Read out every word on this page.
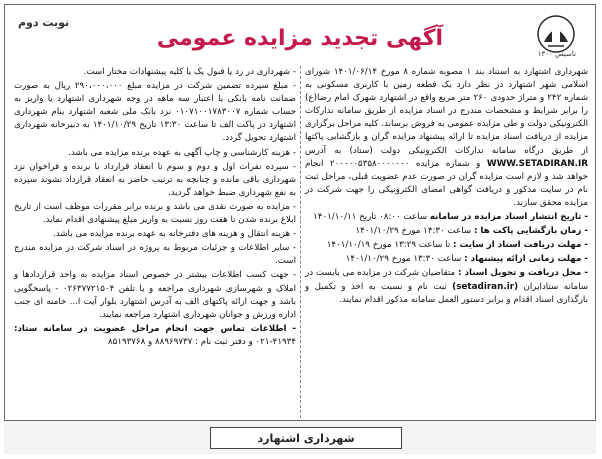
نوبت دوم
آگهی تجدید مزایده عمومی
تاسیس ۱۳۰۰

شهرداری اشتهارد به استناد بند ۱ مصوبه شماره ۸ مورخ ۱۴۰۱/۰۶/۱۴ شورای اسلامی شهر اشتهارد در نظر دارد یک قطعه زمین با کاربری مسکونی به شماره ۲۴۲ و متراژ حدودی ۲۶۰ متر مربع واقع در اشتهارد شهرک امام رضا(ع) را برابر شرایط و مشخصات مندرج در اسناد مزایده از طریق سامانه تدارکات الکترونیکی دولت و طی مزایده عمومی به فروش برساند. کلیه مراحل برگزاری مزایده از دریافت اسناد مزایده تا ارائه پیشنهاد مزایده گران و بازگشایی پاکتها از طریق درگاه سامانه تدارکات الکترونیکی دولت (ستاد) به آدرس WWW.SETADIRAN.IR و شماره مزایده ۲۰۰۰۰۰۵۳۵۸۰۰۰۰۰۰۰ انجام خواهد شد و لازم است مزایده گران در صورت عدم عضویت قبلی، مراحل ثبت نام در سایت مذکور و دریافت گواهی امضای الکترونیکی را جهت شرکت در مزایده محقق سازند.

- تاریخ انتشار اسناد مزایده در سامانه ساعت ۰۸:۰۰ تاریخ ۱۴۰۱/۱۰/۱۱

- زمان بازگشایی پاکت ها : ساعت ۱۴:۳۰ مورخ ۱۴۰۱/۱۰/۲۹

- مهلت دریافت اسناد از سایت : تا ساعت ۱۳:۲۹ مورخ ۱۴۰۱/۱۰/۱۹

- مهلت زمانی ارائه پیشنهاد : ساعت ۱۳:۳۰ مورخ ۱۴۰۱/۱۰/۲۹

- محل دریافت و تحویل اسناد : متقاضیان شرکت در مزایده می بایست در سامانه ستادایران (setadiran.ir) ثبت نام و نسبت به اخذ و تکمیل و بارگذاری اسناد اقدام و برابر دستور العمل سامانه مذکور اقدام نمایند.

- شهرداری در رد یا قبول یک یا کلیه پیشنهادات مختار است.

- مبلغ سپرده تضمین شرکت در مزایده مبلغ ۲۹۰،۰۰۰،۰۰۰ ریال به صورت ضمانت نامه بانکی یا اعتبار سه ماهه در وجه شهرداری اشتهارد یا واریز به حساب شماره ۰۱۰۷۱۰۰۱۷۸۳۰۰۷ نزد بانک ملی شعبه اشتهارد بنام شهرداری اشتهارد در پاکت الف تا ساعت ۱۳:۳۰ تاریخ ۱۴۰۱/۱۰/۲۹ به دبیرخانه شهرداری اشتهارد تحویل گردد.

- هزینه کارشناسی و چاپ آگهی به عهده برنده مزایده می باشد.

- سپرده نفرات اول و دوم و سوم تا انعقاد قرارداد با برنده و فراخوان نزد شهرداری باقی مانده و چنانچه به ترتیب حاضر به انعقاد قرارداد نشوند سپرده به نفع شهرداری ضبط خواهد گردید.

- مزایده به صورت نقدی می باشد و برنده برابر مقررات موظف است از تاریخ ابلاغ برنده شدن تا هفت روز نسبت به واریز مبلغ پیشنهادی اقدام نماید.

- هزینه انتقال و هزینه های دفترخانه به عهده برنده مزایده می باشد.

- سایر اطلاعات و جزئیات مربوط به پروژه در اسناد شرکت در مزایده مندرج است.

- جهت کسب اطلاعات بیشتر در خصوص اسناد مزایده به واحد قراردادها و املاک و شهرسازی شهرداری مراجعه و یا تلفن ۰۲۶۳۷۷۲۱۵۰۴ - پاسخگویی باشد و جهت ارائه پاکتهای الف به آدرس اشتهارد بلوار آیت ا... خامنه ای جنب اداره ورزش و جوانان شهرداری اشتهارد مراجعه نمایند.

- اطلاعات تماس جهت انجام مراحل عضویت در سامانه ستاد: ۴۱۹۳۴-۰۲۱ و دفتر ثبت نام : ۸۸۹۶۹۷۳۷ و ۸۵۱۹۳۷۶۸

شهرداری اشتهارد
